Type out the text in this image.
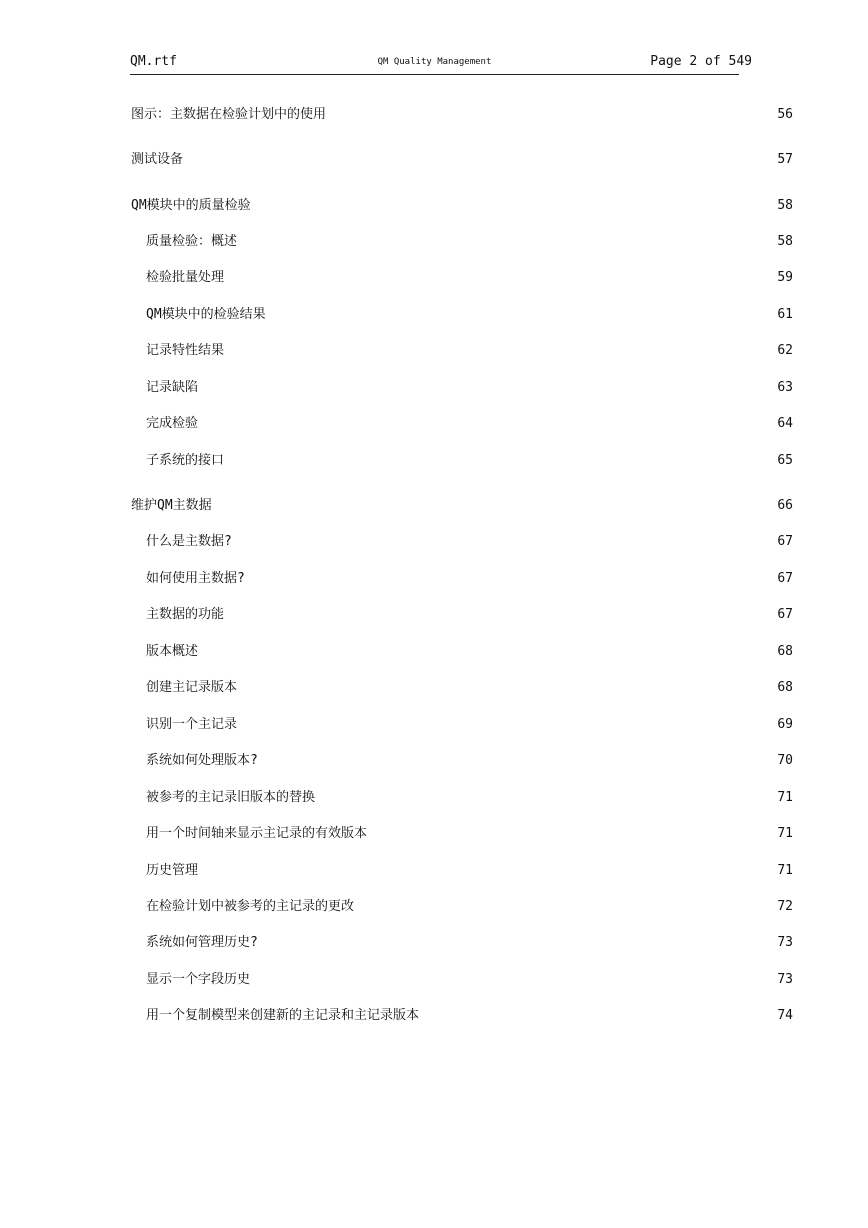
QM.rtf	QM Quality Management	Page 2 of 549
图示：主数据在检验计划中的使用	56
测试设备	57
QM模块中的质量检验	58
质量检验：概述	58
检验批量处理	59
QM模块中的检验结果	61
记录特性结果	62
记录缺陷	63
完成检验	64
子系统的接口	65
维护QM主数据	66
什么是主数据?	67
如何使用主数据?	67
主数据的功能	67
版本概述	68
创建主记录版本	68
识别一个主记录	69
系统如何处理版本?	70
被参考的主记录旧版本的替换	71
用一个时间轴来显示主记录的有效版本	71
历史管理	71
在检验计划中被参考的主记录的更改	72
系统如何管理历史?	73
显示一个字段历史	73
用一个复制模型来创建新的主记录和主记录版本	74
